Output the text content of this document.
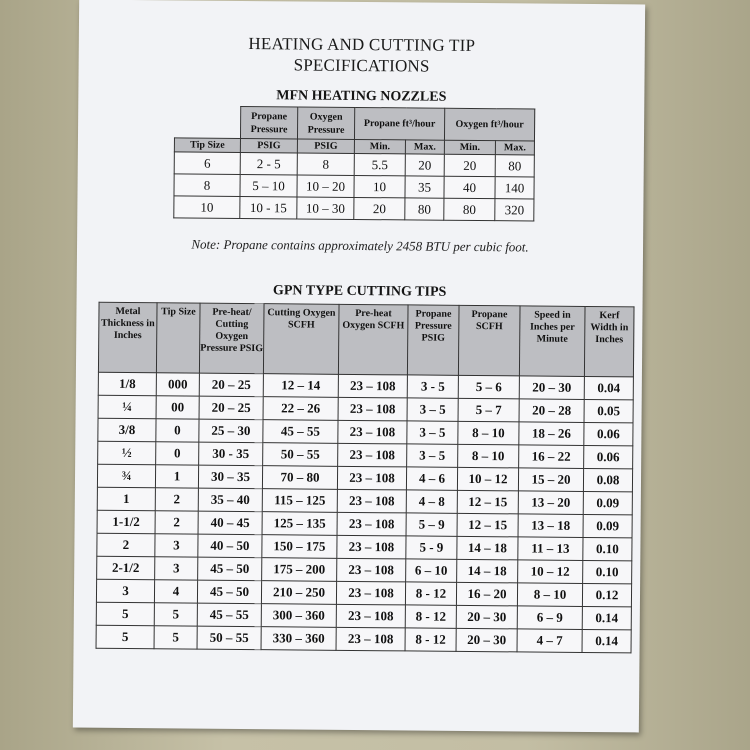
HEATING AND CUTTING TIP
SPECIFICATIONS
MFN HEATING NOZZLES
	Propane Pressure	Oxygen Pressure	Propane ft³/hour		Oxygen ft³/hour	
Tip Size	PSIG	PSIG	Min.	Max.	Min.	Max.
6	2 - 5	8	5.5	20	20	80
8	5 – 10	10 – 20	10	35	40	140
10	10 - 15	10 – 30	20	80	80	320
Note: Propane contains approximately 2458 BTU per cubic foot.
GPN TYPE CUTTING TIPS
Metal Thickness in Inches	Tip Size	Pre-heat/ Cutting Oxygen Pressure PSIG	Cutting Oxygen SCFH	Pre-heat Oxygen SCFH	Propane Pressure PSIG	Propane SCFH	Speed in Inches per Minute	Kerf Width in Inches
1/8	000	20 – 25	12 – 14	23 – 108	3 - 5	5 – 6	20 – 30	0.04
¼	00	20 – 25	22 – 26	23 – 108	3 – 5	5 – 7	20 – 28	0.05
3/8	0	25 – 30	45 – 55	23 – 108	3 – 5	8 – 10	18 – 26	0.06
½	0	30 - 35	50 – 55	23 – 108	3 – 5	8 – 10	16 – 22	0.06
¾	1	30 – 35	70 – 80	23 – 108	4 – 6	10 – 12	15 – 20	0.08
1	2	35 – 40	115 – 125	23 – 108	4 – 8	12 – 15	13 – 20	0.09
1-1/2	2	40 – 45	125 – 135	23 – 108	5 – 9	12 – 15	13 – 18	0.09
2	3	40 – 50	150 – 175	23 – 108	5 - 9	14 – 18	11 – 13	0.10
2-1/2	3	45 – 50	175 – 200	23 – 108	6 – 10	14 – 18	10 – 12	0.10
3	4	45 – 50	210 – 250	23 – 108	8 - 12	16 – 20	8 – 10	0.12
5	5	45 – 55	300 – 360	23 – 108	8 - 12	20 – 30	6 – 9	0.14
5	5	50 – 55	330 – 360	23 – 108	8 - 12	20 – 30	4 – 7	0.14
